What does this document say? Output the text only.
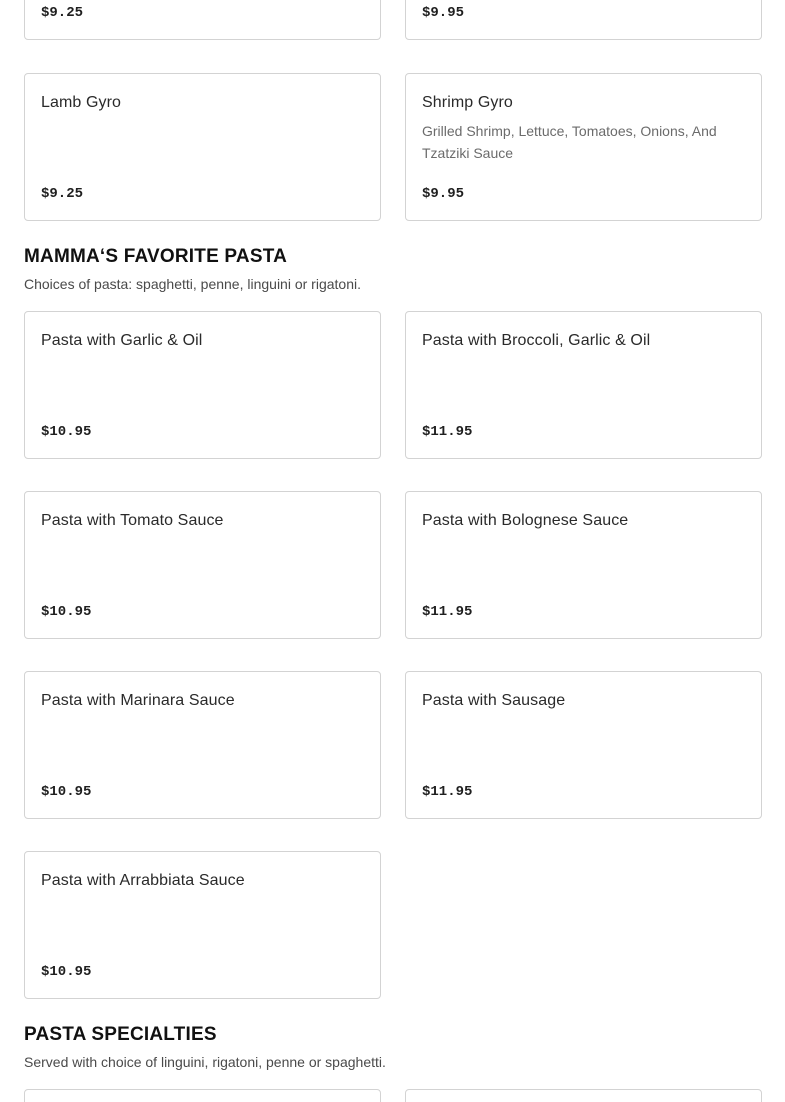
$9.25	$9.95
Lamb Gyro
$9.25
Shrimp Gyro
Grilled Shrimp, Lettuce, Tomatoes, Onions, And Tzatziki Sauce
$9.95
MAMMA‘S FAVORITE PASTA
Choices of pasta: spaghetti, penne, linguini or rigatoni.
Pasta with Garlic & Oil
$10.95
Pasta with Broccoli, Garlic & Oil
$11.95
Pasta with Tomato Sauce
$10.95
Pasta with Bolognese Sauce
$11.95
Pasta with Marinara Sauce
$10.95
Pasta with Sausage
$11.95
Pasta with Arrabbiata Sauce
$10.95
PASTA SPECIALTIES
Served with choice of linguini, rigatoni, penne or spaghetti.
